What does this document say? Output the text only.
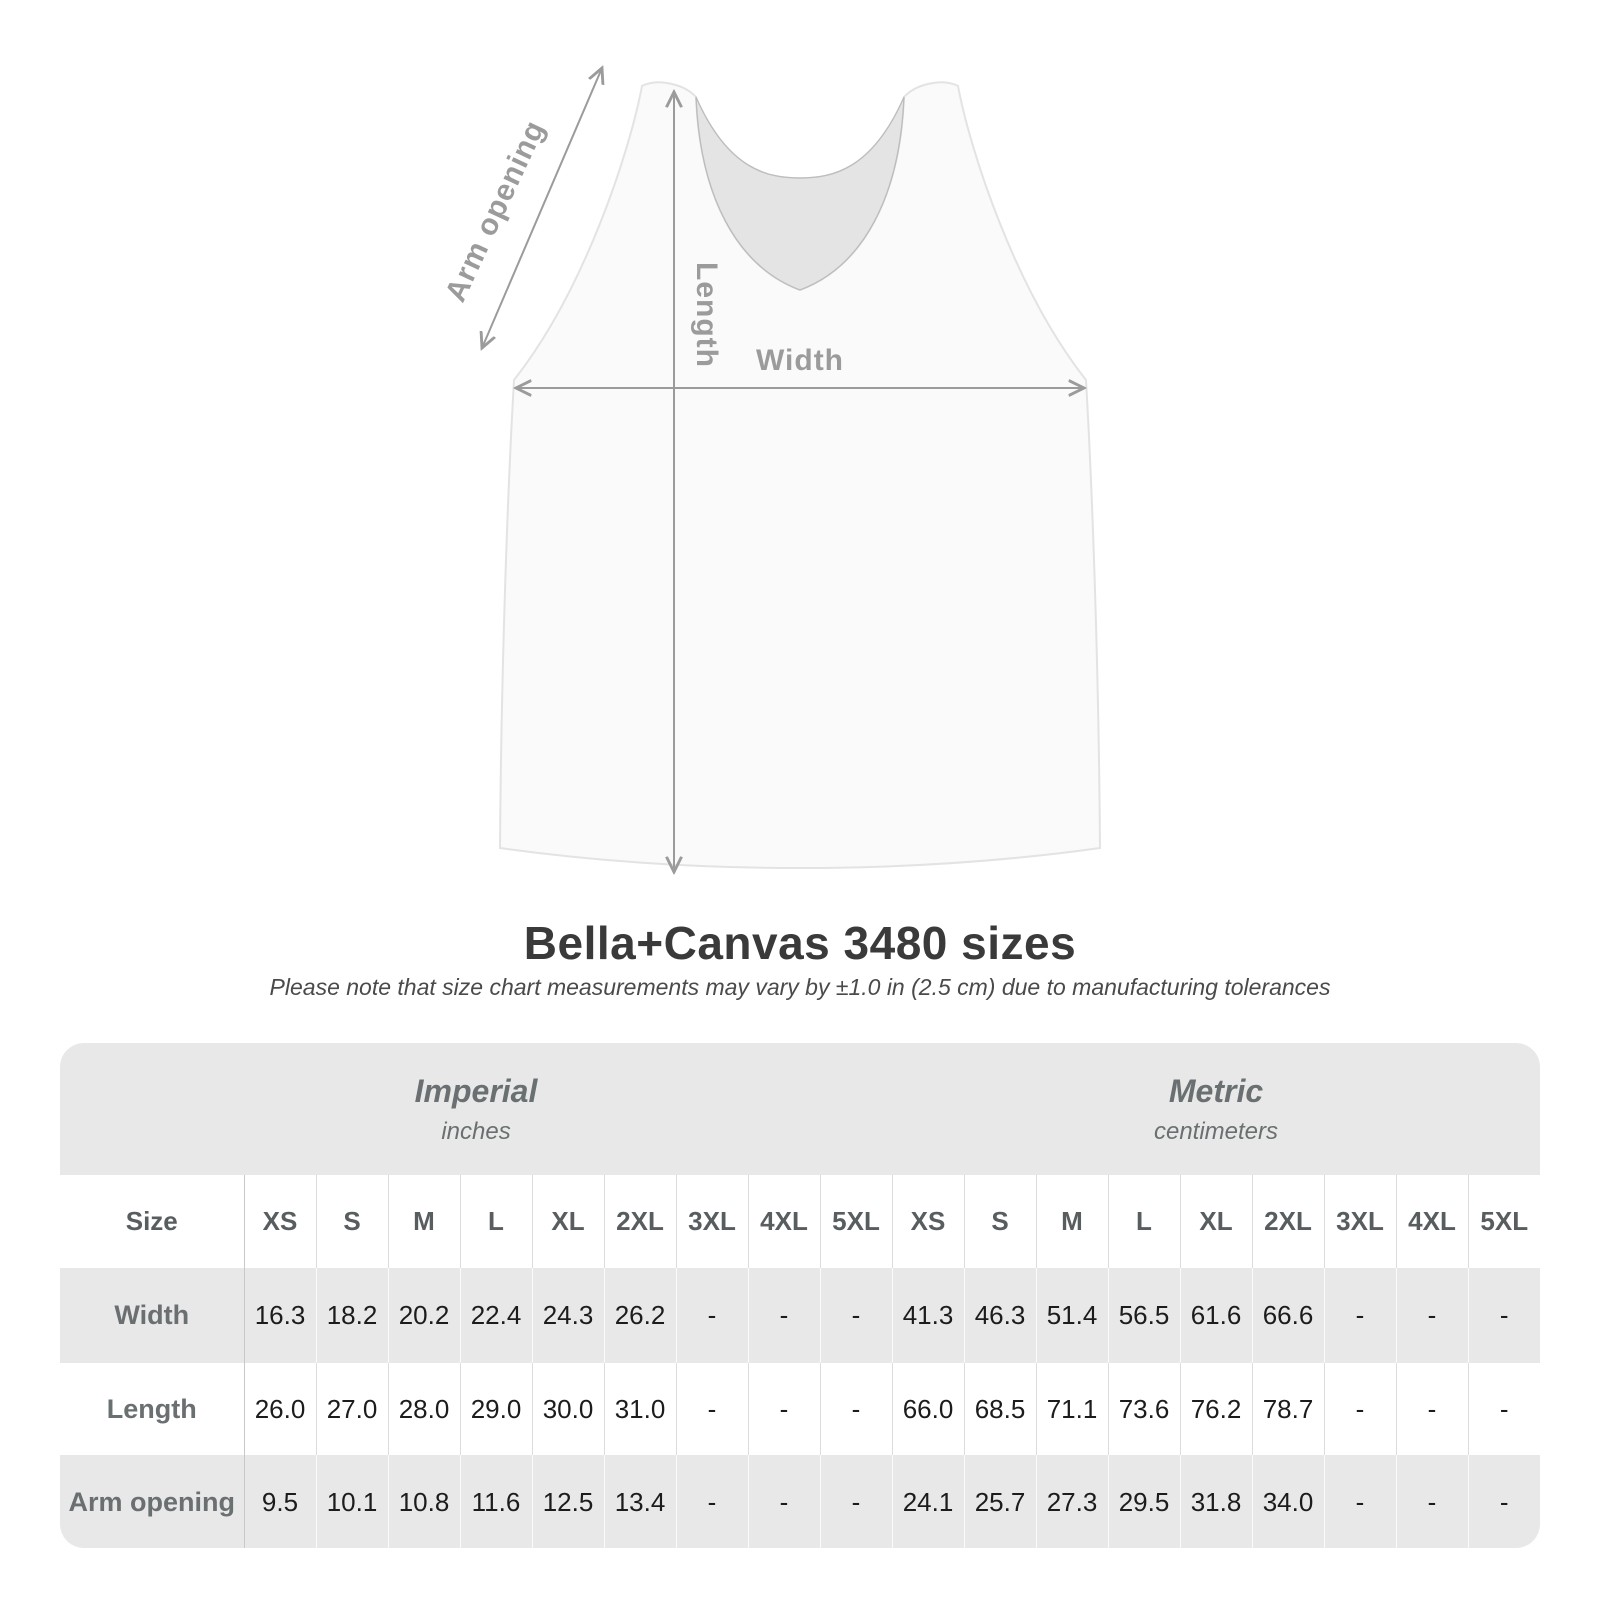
Width
Length
Arm opening
Bella+Canvas 3480 sizes
Please note that size chart measurements may vary by ±1.0 in (2.5 cm) due to manufacturing tolerances
Imperial
inches

Metric
centimeters

Size	XS	S	M	L	XL	2XL	3XL	4XL	5XL	XS	S	M	L	XL	2XL	3XL	4XL	5XL
Width	16.3	18.2	20.2	22.4	24.3	26.2	-	-	-	41.3	46.3	51.4	56.5	61.6	66.6	-	-	-
Length	26.0	27.0	28.0	29.0	30.0	31.0	-	-	-	66.0	68.5	71.1	73.6	76.2	78.7	-	-	-
Arm opening	9.5	10.1	10.8	11.6	12.5	13.4	-	-	-	24.1	25.7	27.3	29.5	31.8	34.0	-	-	-
